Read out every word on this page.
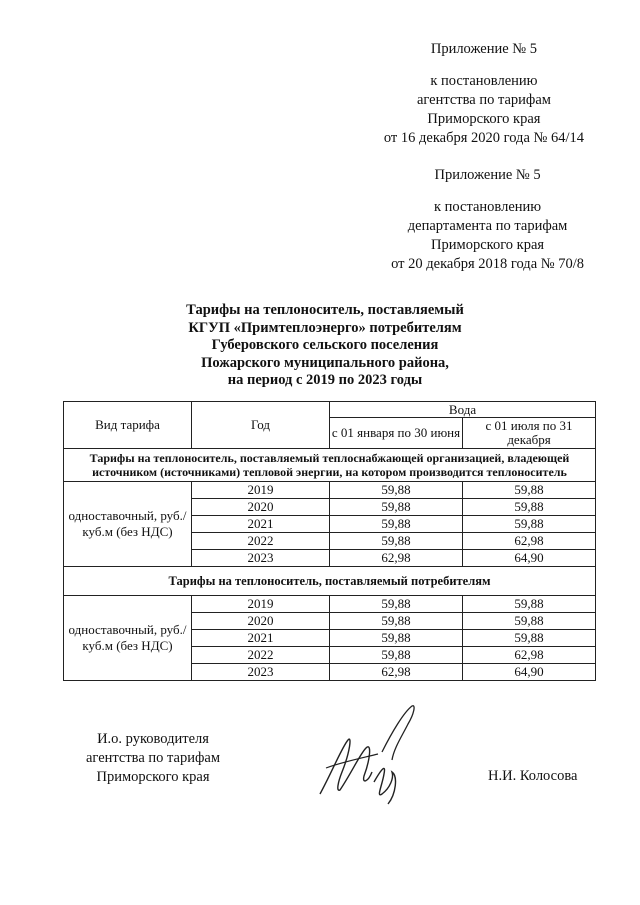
Приложение № 5
к постановлению
агентства по тарифам
Приморского края
от 16 декабря 2020 года № 64/14
Приложение № 5
к постановлению
департамента по тарифам
Приморского края
от 20 декабря 2018 года № 70/8
Тарифы на теплоноситель, поставляемый
КГУП «Примтеплоэнерго» потребителям
Губеровского сельского поселения
Пожарского муниципального района,
на период с 2019 по 2023 годы
Вид тарифа	Год	Вода	
		с 01 января по 30 июня	с 01 июля по 31 декабря
Тарифы на теплоноситель, поставляемый теплоснабжающей организацией, владеющей источником (источниками) тепловой энергии, на котором производится теплоноситель			
одноставочный, руб./куб.м (без НДС)	2019	59,88	59,88
	2020	59,88	59,88
	2021	59,88	59,88
	2022	59,88	62,98
	2023	62,98	64,90
Тарифы на теплоноситель, поставляемый потребителям			
одноставочный, руб./куб.м (без НДС)	2019	59,88	59,88
	2020	59,88	59,88
	2021	59,88	59,88
	2022	59,88	62,98
	2023	62,98	64,90
И.о. руководителя
агентства по тарифам
Приморского края	Н.И. Колосова
